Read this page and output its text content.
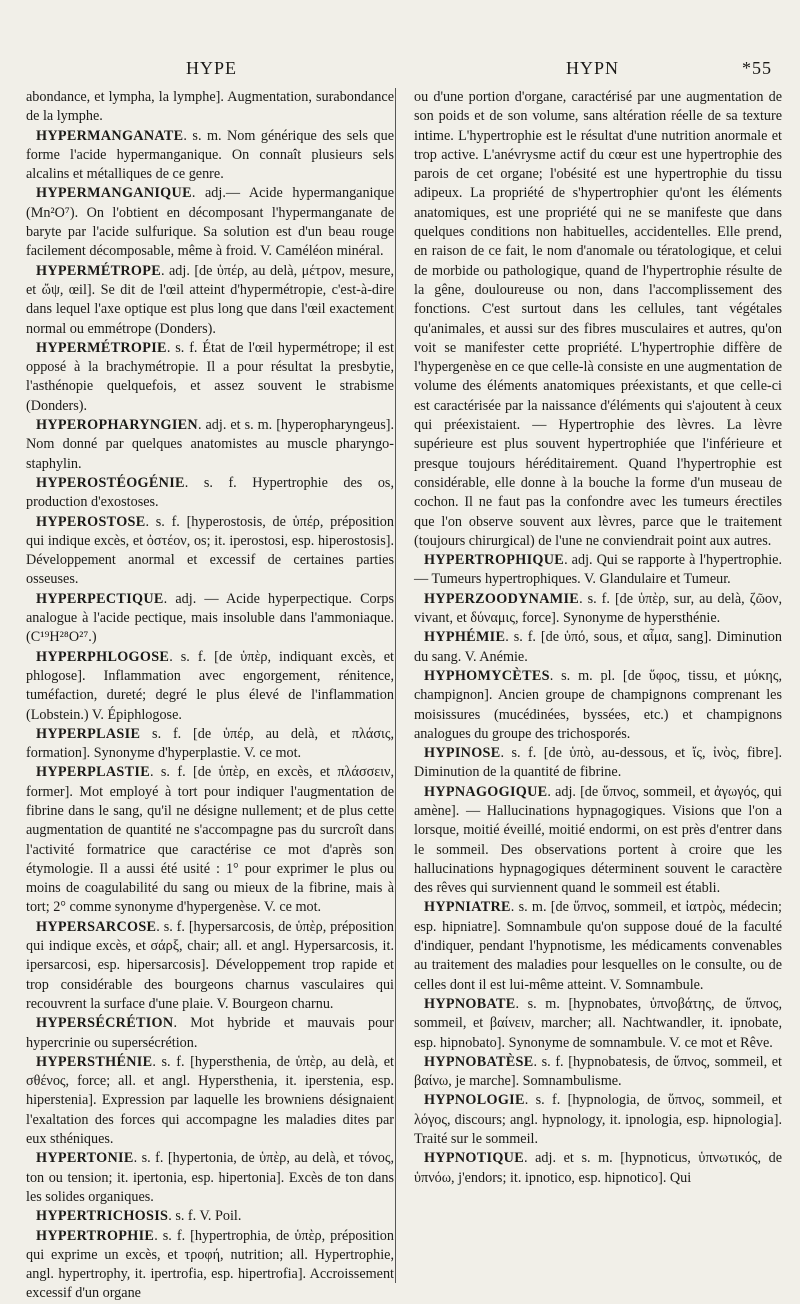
HYPE	HYPN	*55

abondance, et lympha, la lymphe]. Augmentation, surabondance de la lymphe.

HYPERMANGANATE. s. m. Nom générique des sels que forme l'acide hypermanganique. On connaît plusieurs sels alcalins et métalliques de ce genre.

HYPERMANGANIQUE. adj.— Acide hypermanganique (Mn²O⁷). On l'obtient en décomposant l'hypermanganate de baryte par l'acide sulfurique. Sa solution est d'un beau rouge facilement décomposable, même à froid. V. Caméléon minéral.

HYPERMÉTROPE. adj. [de ὑπέρ, au delà, μέτρον, mesure, et ὤψ, œil]. Se dit de l'œil atteint d'hypermétropie, c'est-à-dire dans lequel l'axe optique est plus long que dans l'œil exactement normal ou emmétrope (Donders).

HYPERMÉTROPIE. s. f. État de l'œil hypermétrope; il est opposé à la brachymétropie. Il a pour résultat la presbytie, l'asthénopie quelquefois, et assez souvent le strabisme (Donders).

HYPEROPHARYNGIEN. adj. et s. m. [hyperopharyngeus]. Nom donné par quelques anatomistes au muscle pharyngo-staphylin.

HYPEROSTÉOGÉNIE. s. f. Hypertrophie des os, production d'exostoses.

HYPEROSTOSE. s. f. [hyperostosis, de ὑπέρ, préposition qui indique excès, et ὀστέον, os; it. iperostosi, esp. hiperostosis]. Développement anormal et excessif de certaines parties osseuses.

HYPERPECTIQUE. adj. — Acide hyperpectique. Corps analogue à l'acide pectique, mais insoluble dans l'ammoniaque. (C¹⁹H²⁸O²⁷.)

HYPERPHLOGOSE. s. f. [de ὑπὲρ, indiquant excès, et phlogose]. Inflammation avec engorgement, rénitence, tuméfaction, dureté; degré le plus élevé de l'inflammation (Lobstein.) V. Épiphlogose.

HYPERPLASIE s. f. [de ὑπέρ, au delà, et πλάσις, formation]. Synonyme d'hyperplastie. V. ce mot.

HYPERPLASTIE. s. f. [de ὑπὲρ, en excès, et πλάσσειν, former]. Mot employé à tort pour indiquer l'augmentation de fibrine dans le sang, qu'il ne désigne nullement; et de plus cette augmentation de quantité ne s'accompagne pas du surcroît dans l'activité formatrice que caractérise ce mot d'après son étymologie. Il a aussi été usité : 1° pour exprimer le plus ou moins de coagulabilité du sang ou mieux de la fibrine, mais à tort; 2° comme synonyme d'hypergenèse. V. ce mot.

HYPERSARCOSE. s. f. [hypersarcosis, de ὑπὲρ, préposition qui indique excès, et σάρξ, chair; all. et angl. Hypersarcosis, it. ipersarcosi, esp. hipersarcosis]. Développement trop rapide et trop considérable des bourgeons charnus vasculaires qui recouvrent la surface d'une plaie. V. Bourgeon charnu.

HYPERSÉCRÉTION. Mot hybride et mauvais pour hypercrinie ou supersécrétion.

HYPERSTHÉNIE. s. f. [hypersthenia, de ὑπὲρ, au delà, et σθένος, force; all. et angl. Hypersthenia, it. iperstenia, esp. hiperstenia]. Expression par laquelle les browniens désignaient l'exaltation des forces qui accompagne les maladies dites par eux sthéniques.

HYPERTONIE. s. f. [hypertonia, de ὑπὲρ, au delà, et τόνος, ton ou tension; it. ipertonia, esp. hipertonia]. Excès de ton dans les solides organiques.

HYPERTRICHOSIS. s. f. V. Poil.

HYPERTROPHIE. s. f. [hypertrophia, de ὑπὲρ, préposition qui exprime un excès, et τροφή, nutrition; all. Hypertrophie, angl. hypertrophy, it. ipertrofia, esp. hipertrofia]. Accroissement excessif d'un organe

ou d'une portion d'organe, caractérisé par une augmentation de son poids et de son volume, sans altération réelle de sa texture intime. L'hypertrophie est le résultat d'une nutrition anormale et trop active. L'anévrysme actif du cœur est une hypertrophie des parois de cet organe; l'obésité est une hypertrophie du tissu adipeux. La propriété de s'hypertrophier qu'ont les éléments anatomiques, est une propriété qui ne se manifeste que dans quelques conditions non habituelles, accidentelles. Elle prend, en raison de ce fait, le nom d'anomale ou tératologique, et celui de morbide ou pathologique, quand de l'hypertrophie résulte de la gêne, douloureuse ou non, dans l'accomplissement des fonctions. C'est surtout dans les cellules, tant végétales qu'animales, et aussi sur des fibres musculaires et autres, qu'on voit se manifester cette propriété. L'hypertrophie diffère de l'hypergenèse en ce que celle-là consiste en une augmentation de volume des éléments anatomiques préexistants, et que celle-ci est caractérisée par la naissance d'éléments qui s'ajoutent à ceux qui préexistaient. — Hypertrophie des lèvres. La lèvre supérieure est plus souvent hypertrophiée que l'inférieure et presque toujours héréditairement. Quand l'hypertrophie est considérable, elle donne à la bouche la forme d'un museau de cochon. Il ne faut pas la confondre avec les tumeurs érectiles que l'on observe souvent aux lèvres, parce que le traitement (toujours chirurgical) de l'une ne conviendrait point aux autres.

HYPERTROPHIQUE. adj. Qui se rapporte à l'hypertrophie. — Tumeurs hypertrophiques. V. Glandulaire et Tumeur.

HYPERZOODYNAMIE. s. f. [de ὑπὲρ, sur, au delà, ζῶον, vivant, et δύναμις, force]. Synonyme de hypersthénie.

HYPHÉMIE. s. f. [de ὑπό, sous, et αἷμα, sang]. Diminution du sang. V. Anémie.

HYPHOMYCÈTES. s. m. pl. [de ὕφος, tissu, et μύκης, champignon]. Ancien groupe de champignons comprenant les moisissures (mucédinées, byssées, etc.) et champignons analogues du groupe des trichosporés.

HYPINOSE. s. f. [de ὑπὸ, au-dessous, et ἴς, ἰνὸς, fibre]. Diminution de la quantité de fibrine.

HYPNAGOGIQUE. adj. [de ὕπνος, sommeil, et ἀγωγός, qui amène]. — Hallucinations hypnagogiques. Visions que l'on a lorsque, moitié éveillé, moitié endormi, on est près d'entrer dans le sommeil. Des observations portent à croire que les hallucinations hypnagogiques déterminent souvent le caractère des rêves qui surviennent quand le sommeil est établi.

HYPNIATRE. s. m. [de ὕπνος, sommeil, et ἰατρὸς, médecin; esp. hipniatre]. Somnambule qu'on suppose doué de la faculté d'indiquer, pendant l'hypnotisme, les médicaments convenables au traitement des maladies pour lesquelles on le consulte, ou de celles dont il est lui-même atteint. V. Somnambule.

HYPNOBATE. s. m. [hypnobates, ὑπνοβάτης, de ὕπνος, sommeil, et βαίνειν, marcher; all. Nachtwandler, it. ipnobate, esp. hipnobato]. Synonyme de somnambule. V. ce mot et Rêve.

HYPNOBATÈSE. s. f. [hypnobatesis, de ὕπνος, sommeil, et βαίνω, je marche]. Somnambulisme.

HYPNOLOGIE. s. f. [hypnologia, de ὕπνος, sommeil, et λόγος, discours; angl. hypnology, it. ipnologia, esp. hipnologia]. Traité sur le sommeil.

HYPNOTIQUE. adj. et s. m. [hypnoticus, ὑπνωτικός, de ὑπνόω, j'endors; it. ipnotico, esp. hipnotico]. Qui
